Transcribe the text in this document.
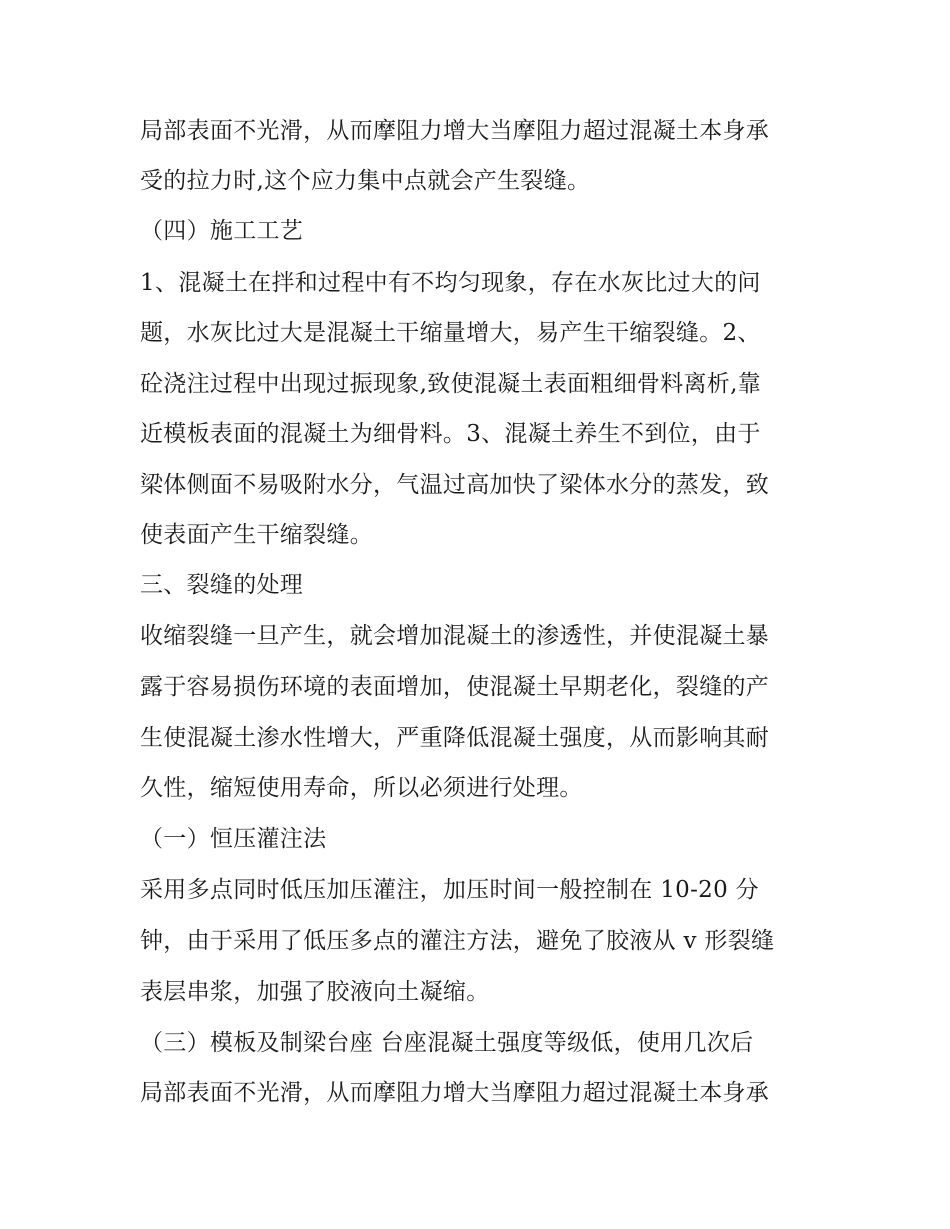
局部表面不光滑，从而摩阻力增大当摩阻力超过混凝土本身承
受的拉力时,这个应力集中点就会产生裂缝。
（四）施工工艺
1、混凝土在拌和过程中有不均匀现象，存在水灰比过大的问
题，水灰比过大是混凝土干缩量增大，易产生干缩裂缝。2、
砼浇注过程中出现过振现象,致使混凝土表面粗细骨料离析,靠
近模板表面的混凝土为细骨料。3、混凝土养生不到位，由于
梁体侧面不易吸附水分，气温过高加快了梁体水分的蒸发，致
使表面产生干缩裂缝。
三、裂缝的处理
收缩裂缝一旦产生，就会增加混凝土的渗透性，并使混凝土暴
露于容易损伤环境的表面增加，使混凝土早期老化，裂缝的产
生使混凝土渗水性增大，严重降低混凝土强度，从而影响其耐
久性，缩短使用寿命，所以必须进行处理。
（一）恒压灌注法
采用多点同时低压加压灌注，加压时间一般控制在 10-20 分
钟，由于采用了低压多点的灌注方法，避免了胶液从 v 形裂缝
表层串浆，加强了胶液向土凝缩。
（三）模板及制梁台座 台座混凝土强度等级低，使用几次后
局部表面不光滑，从而摩阻力增大当摩阻力超过混凝土本身承
